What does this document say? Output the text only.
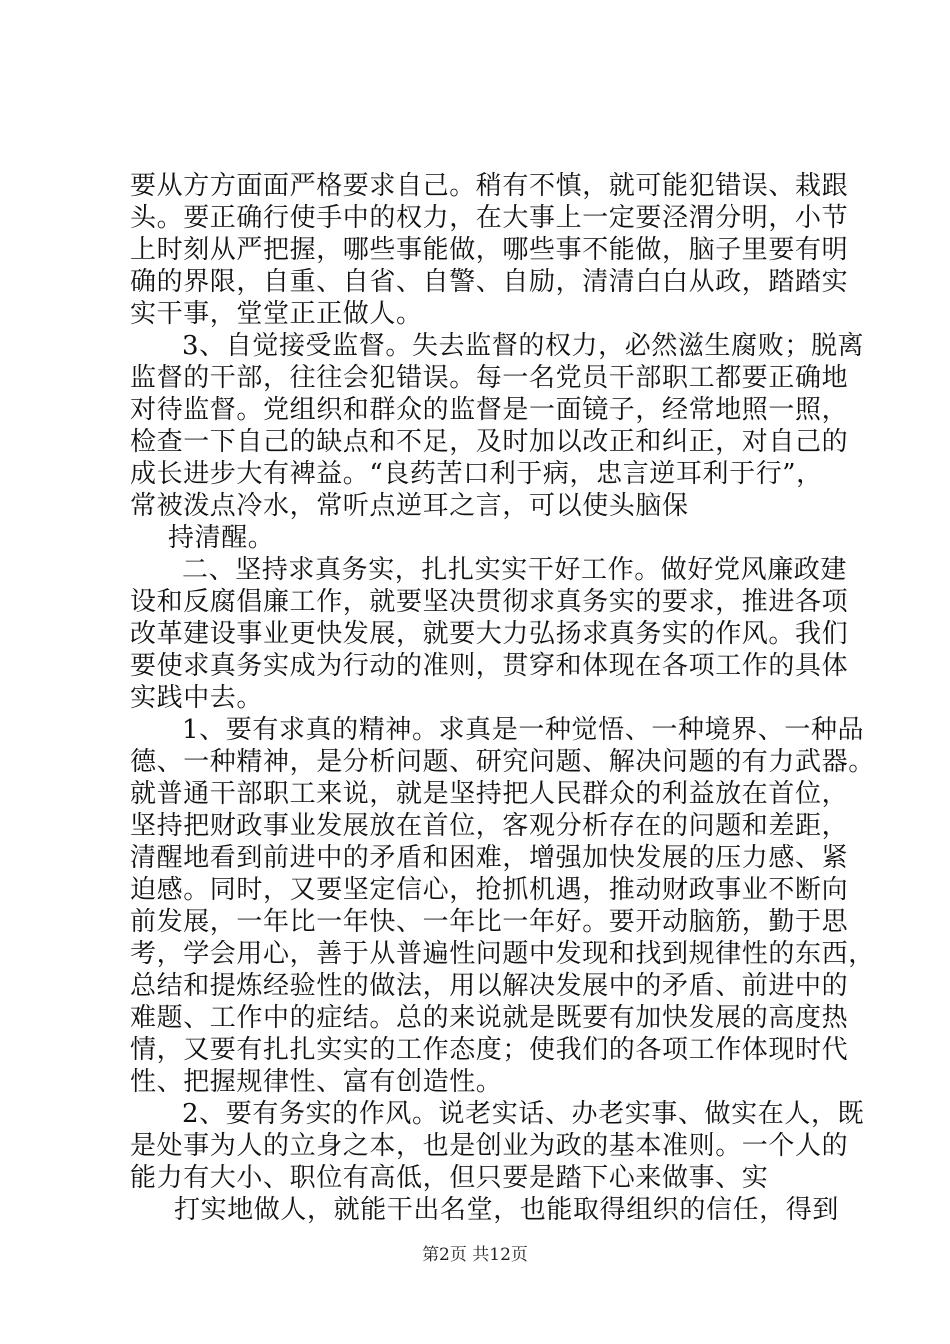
要从方方面面严格要求自己。稍有不慎，就可能犯错误、栽跟
头。要正确行使手中的权力，在大事上一定要泾渭分明，小节
上时刻从严把握，哪些事能做，哪些事不能做，脑子里要有明
确的界限，自重、自省、自警、自励，清清白白从政，踏踏实
实干事，堂堂正正做人。
3、自觉接受监督。失去监督的权力，必然滋生腐败；脱离
监督的干部，往往会犯错误。每一名党员干部职工都要正确地
对待监督。党组织和群众的监督是一面镜子，经常地照一照，
检查一下自己的缺点和不足，及时加以改正和纠正，对自己的
成长进步大有裨益。“良药苦口利于病，忠言逆耳利于行”，
常被泼点冷水，常听点逆耳之言，可以使头脑保
持清醒。
二、坚持求真务实，扎扎实实干好工作。做好党风廉政建
设和反腐倡廉工作，就要坚决贯彻求真务实的要求，推进各项
改革建设事业更快发展，就要大力弘扬求真务实的作风。我们
要使求真务实成为行动的准则，贯穿和体现在各项工作的具体
实践中去。
1、要有求真的精神。求真是一种觉悟、一种境界、一种品
德、一种精神，是分析问题、研究问题、解决问题的有力武器。
就普通干部职工来说，就是坚持把人民群众的利益放在首位，
坚持把财政事业发展放在首位，客观分析存在的问题和差距，
清醒地看到前进中的矛盾和困难，增强加快发展的压力感、紧
迫感。同时，又要坚定信心，抢抓机遇，推动财政事业不断向
前发展，一年比一年快、一年比一年好。要开动脑筋，勤于思
考，学会用心，善于从普遍性问题中发现和找到规律性的东西，
总结和提炼经验性的做法，用以解决发展中的矛盾、前进中的
难题、工作中的症结。总的来说就是既要有加快发展的高度热
情，又要有扎扎实实的工作态度；使我们的各项工作体现时代
性、把握规律性、富有创造性。
2、要有务实的作风。说老实话、办老实事、做实在人，既
是处事为人的立身之本，也是创业为政的基本准则。一个人的
能力有大小、职位有高低，但只要是踏下心来做事、实
打实地做人，就能干出名堂，也能取得组织的信任，得到
第2页 共12页
